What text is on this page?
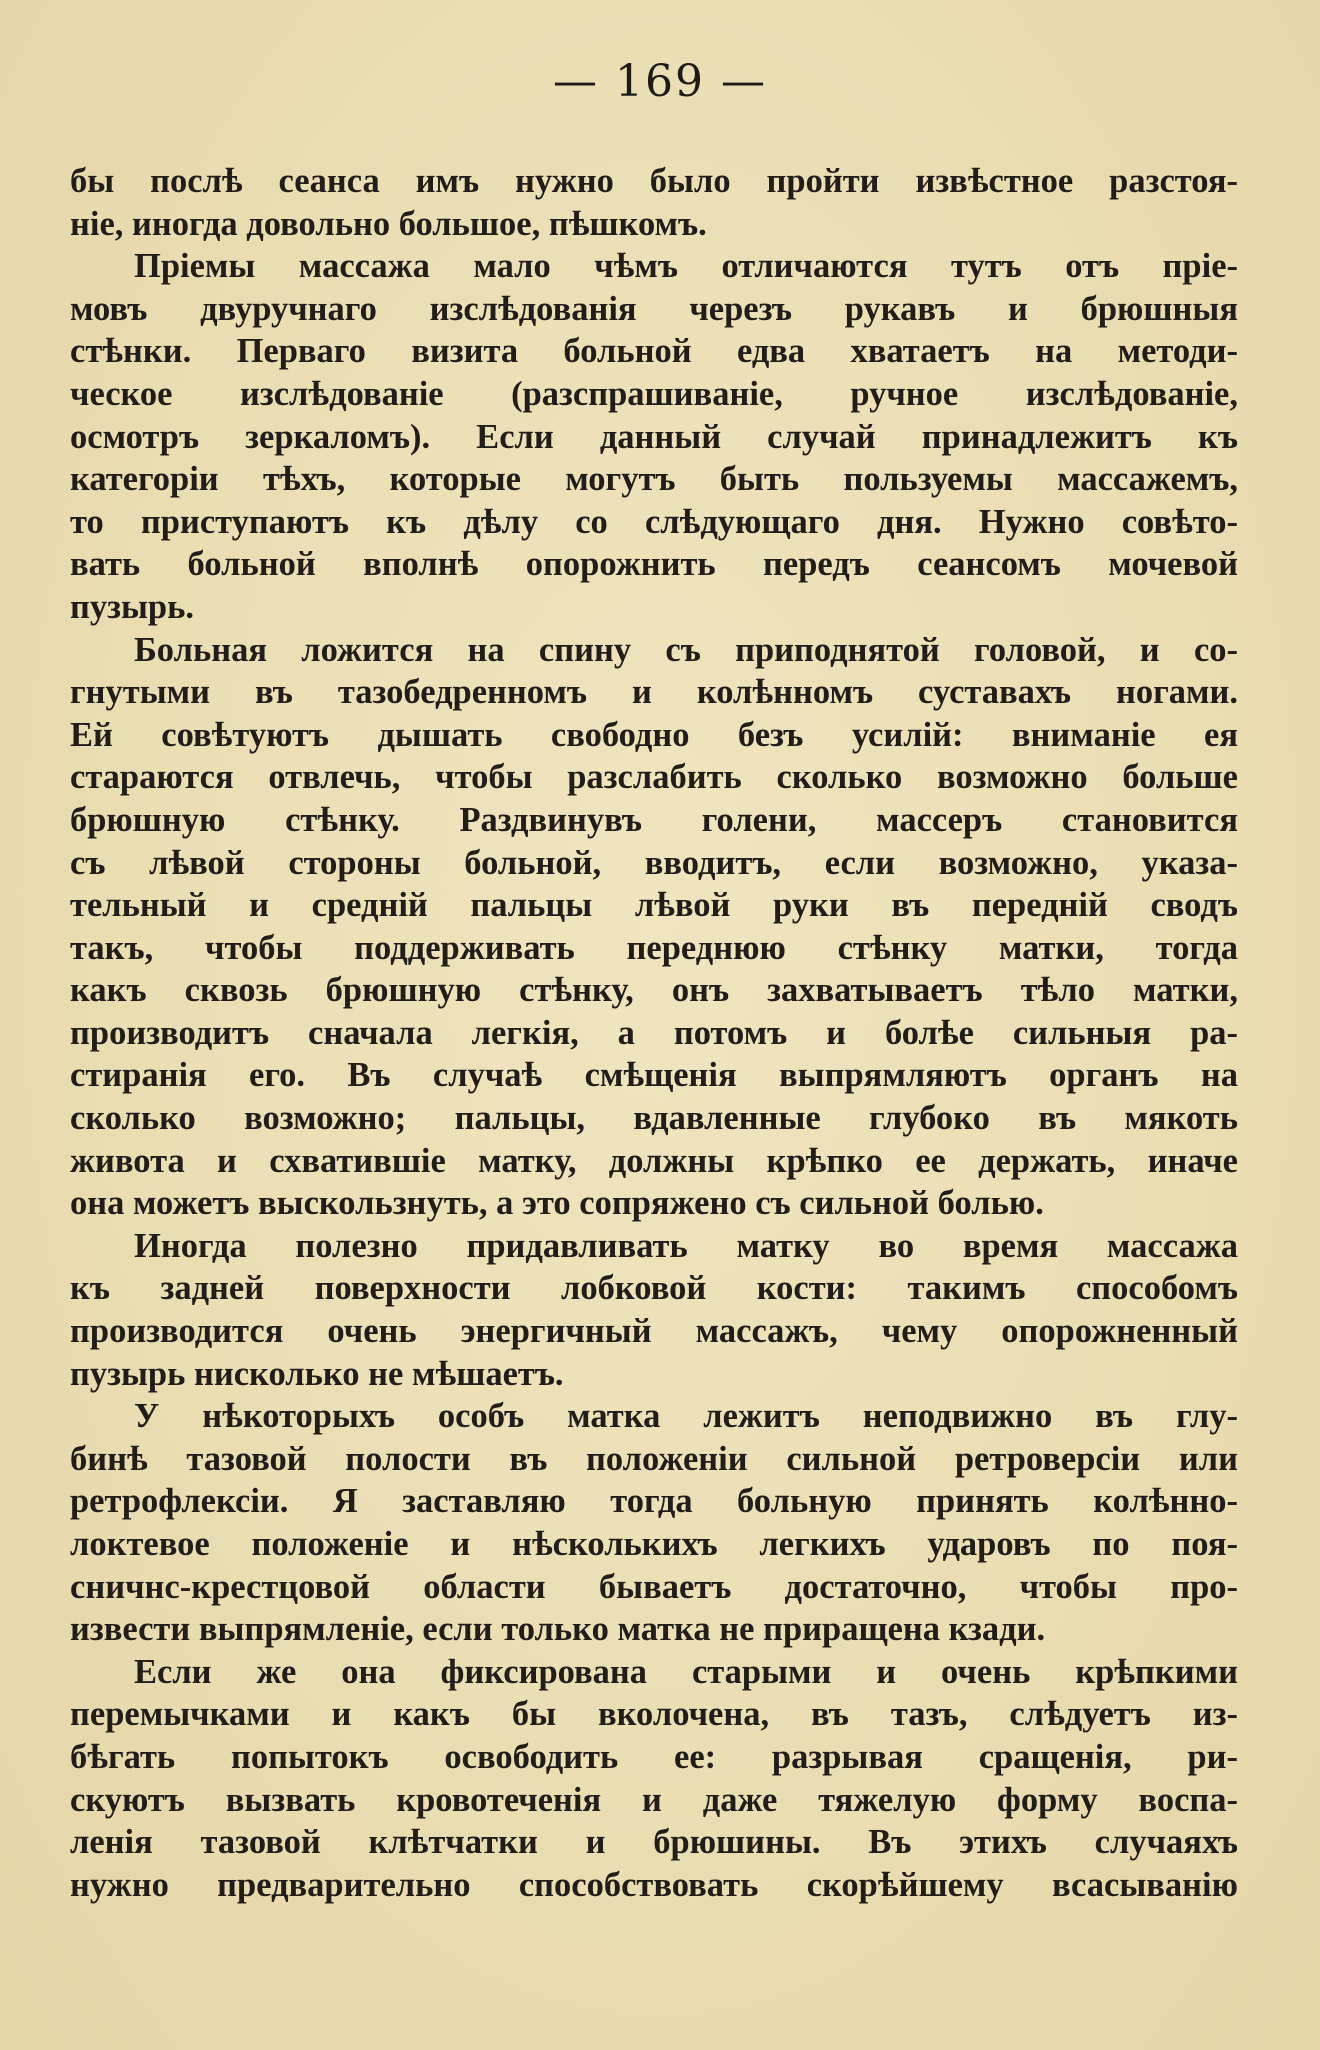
— 169 —
бы послѣ сеанса имъ нужно было пройти извѣстное разстоя-
ніе, иногда довольно большое, пѣшкомъ.
Пріемы массажа мало чѣмъ отличаются тутъ отъ пріе-
мовъ двуручнаго изслѣдованія черезъ рукавъ и брюшныя
стѣнки. Перваго визита больной едва хватаетъ на методи-
ческое изслѣдованіе (разспрашиваніе, ручное изслѣдованіе,
осмотръ зеркаломъ). Если данный случай принадлежитъ къ
категоріи тѣхъ, которые могутъ быть пользуемы массажемъ,
то приступаютъ къ дѣлу со слѣдующаго дня. Нужно совѣто-
вать больной вполнѣ опорожнить передъ сеансомъ мочевой
пузырь.
Больная ложится на спину съ приподнятой головой, и со-
гнутыми въ тазобедренномъ и колѣнномъ суставахъ ногами.
Ей совѣтуютъ дышать свободно безъ усилій: вниманіе ея
стараются отвлечь, чтобы разслабить сколько возможно больше
брюшную стѣнку. Раздвинувъ голени, массеръ становится
съ лѣвой стороны больной, вводитъ, если возможно, указа-
тельный и средній пальцы лѣвой руки въ передній сводъ
такъ, чтобы поддерживать переднюю стѣнку матки, тогда
какъ сквозь брюшную стѣнку, онъ захватываетъ тѣло матки,
производитъ сначала легкія, а потомъ и болѣе сильныя ра-
стиранія его. Въ случаѣ смѣщенія выпрямляютъ органъ на
сколько возможно; пальцы, вдавленные глубоко въ мякоть
живота и схватившіе матку, должны крѣпко ее держать, иначе
она можетъ выскользнуть, а это сопряжено съ сильной болью.
Иногда полезно придавливать матку во время массажа
къ задней поверхности лобковой кости: такимъ способомъ
производится очень энергичный массажъ, чему опорожненный
пузырь нисколько не мѣшаетъ.
У нѣкоторыхъ особъ матка лежитъ неподвижно въ глу-
бинѣ тазовой полости въ положеніи сильной ретроверсіи или
ретрофлексіи. Я заставляю тогда больную принять колѣнно-
локтевое положеніе и нѣсколькихъ легкихъ ударовъ по поя-
сничнс-крестцовой области бываетъ достаточно, чтобы про-
извести выпрямленіе, если только матка не приращена кзади.
Если же она фиксирована старыми и очень крѣпкими
перемычками и какъ бы вколочена, въ тазъ, слѣдуетъ из-
бѣгать попытокъ освободить ее: разрывая сращенія, ри-
скуютъ вызвать кровотеченія и даже тяжелую форму воспа-
ленія тазовой клѣтчатки и брюшины. Въ этихъ случаяхъ
нужно предварительно способствовать скорѣйшему всасыванію
